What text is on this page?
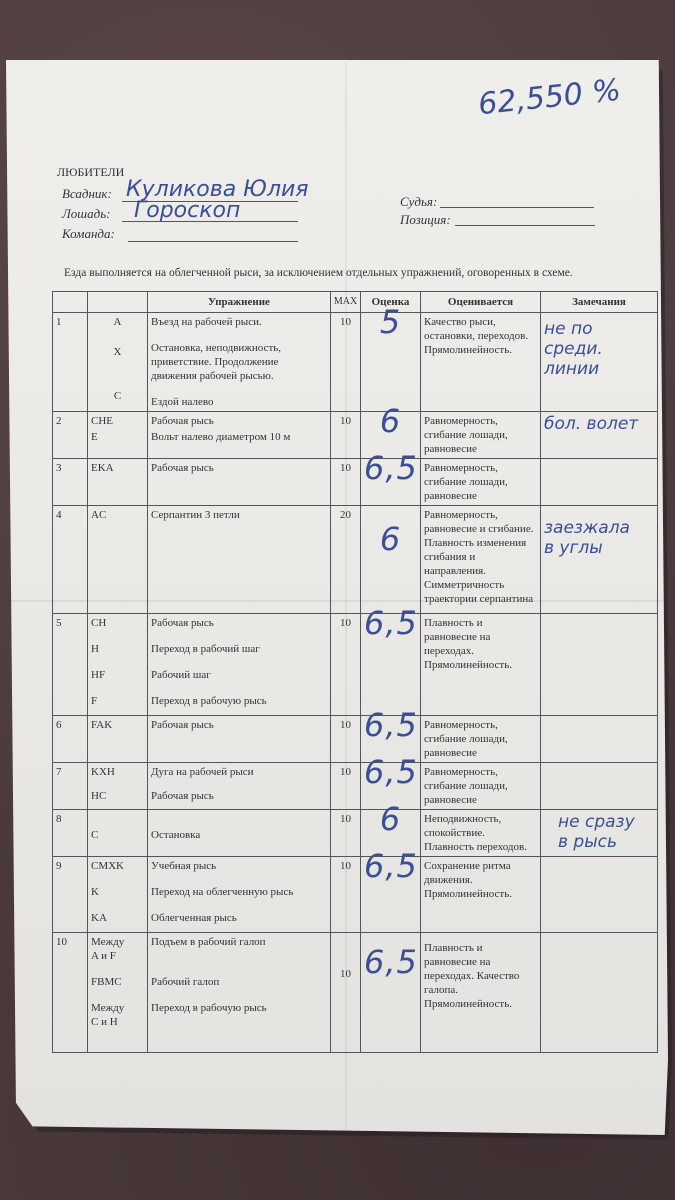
62,550 %
ЛЮБИТЕЛИ
Всадник: Куликова Юлия
Лошадь: Гороскоп
Команда:
Судья:
Позиция:
Езда выполняется на облегченной рыси, за исключением отдельных упражнений, оговоренных в схеме.
		Упражнение	МАХ	Оценка	Оценивается	Замечания
1	A
X
C	Въезд на рабочей рыси.
Остановка, неподвижность, приветствие. Продолжение движения рабочей рысью.
Ездой налево	10	5	Качество рыси, остановки, переходов. Прямолинейность.	не по среди. линии

2	CHE
E	Рабочая рысь
Вольт налево диаметром 10 м	10	6	Равномерность, сгибание лошади, равновесие	бол. волет
3	EKA	Рабочая рысь	10	6,5	Равномерность, сгибание лошади, равновесие	
4	AC	Серпантин 3 петли	20	6	Равномерность, равновесие и сгибание. Плавность изменения сгибания и направления. Симметричность траектории серпантина	заезжала в углы

5	CH
H
HF
F	Рабочая рысь
Переход в рабочий шаг
Рабочий шаг
Переход в рабочую рысь	10	6,5	Плавность и равновесие на переходах. Прямолинейность.	
6	FAK	Рабочая рысь	10	6,5	Равномерность, сгибание лошади, равновесие	
7	KXH
HC	Дуга на рабочей рыси
Рабочая рысь	10	6,5	Равномерность, сгибание лошади, равновесие	
8	C	Остановка	10	6	Неподвижность, спокойствие. Плавность переходов.	не сразу в рысь

9	CMXK
K
KA	Учебная рысь
Переход на облегченную рысь
Облегченная рысь	10	6,5	Сохранение ритма движения. Прямолинейность.	
10	Между A и F
FBMC
Между C и H	Подъем в рабочий галоп
Рабочий галоп
Переход в рабочую рысь	10	6,5	Плавность и равновесие на переходах. Качество галопа. Прямолинейность.	
